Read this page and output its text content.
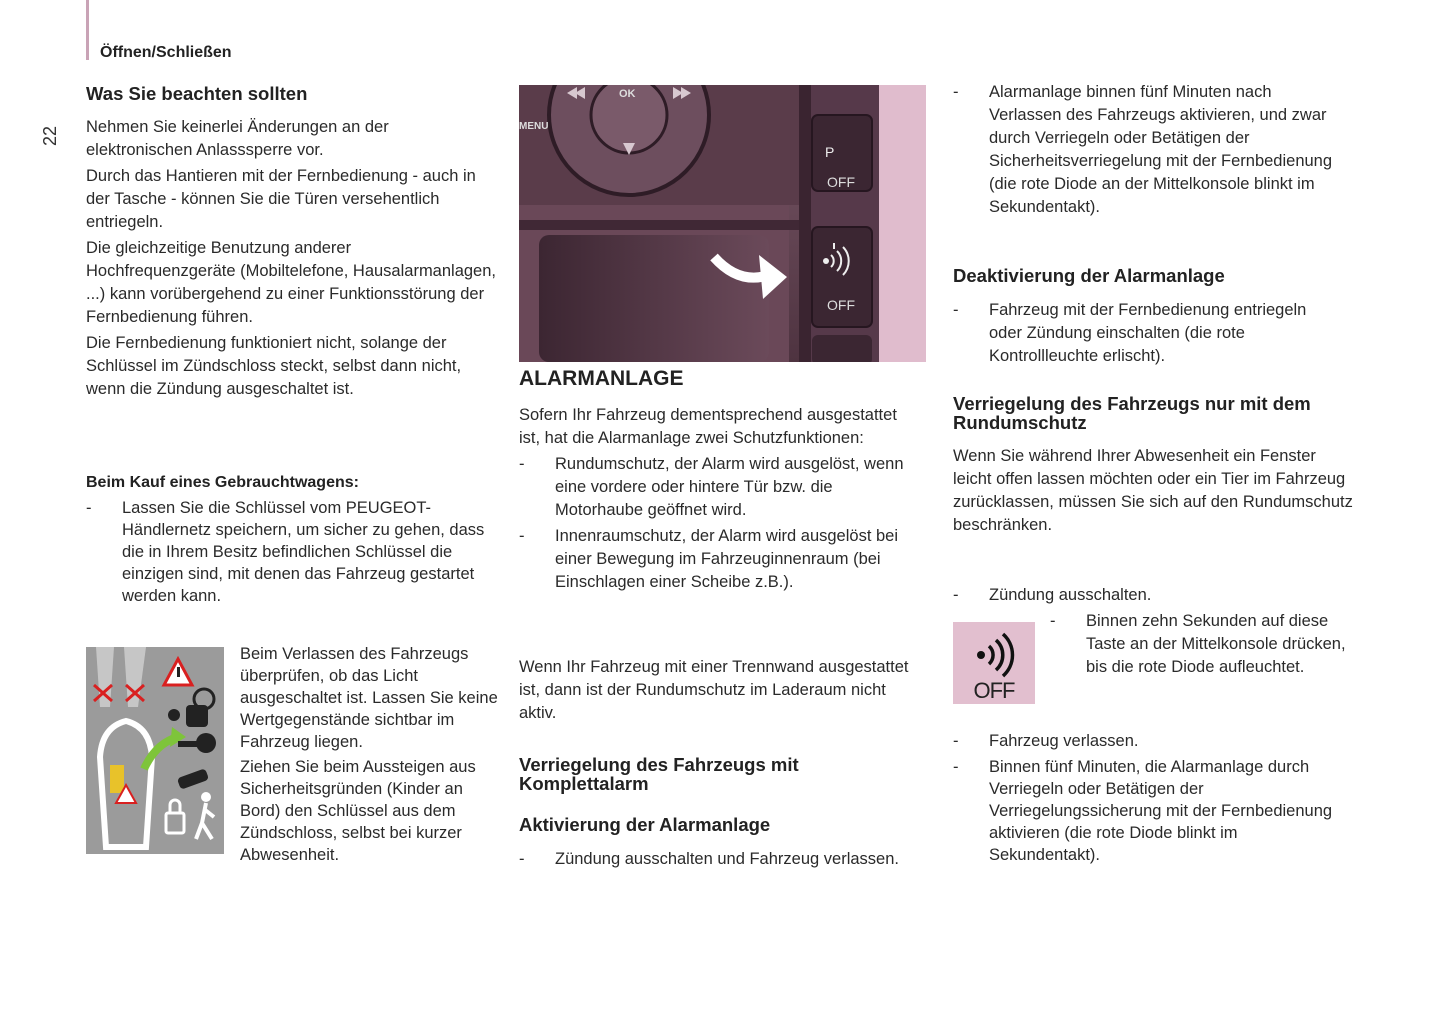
Öffnen/Schließen
22
Was Sie beachten sollten

Nehmen Sie keinerlei Änderungen an der elektronischen Anlasssperre vor.

Durch das Hantieren mit der Fernbedienung - auch in der Tasche - können Sie die Türen versehentlich entriegeln.

Die gleichzeitige Benutzung anderer Hochfrequenzgeräte (Mobiltelefone, Hausalarmanlagen, ...) kann vorübergehend zu einer Funktionsstörung der Fernbedienung führen.

Die Fernbedienung funktioniert nicht, solange der Schlüssel im Zündschloss steckt, selbst dann nicht, wenn die Zündung ausgeschaltet ist.

Beim Kauf eines Gebrauchtwagens:

- Lassen Sie die Schlüssel vom PEUGEOT-Händlernetz speichern, um sicher zu gehen, dass die in Ihrem Besitz befindlichen Schlüssel die einzigen sind, mit denen das Fahrzeug gestartet werden kann.

Beim Verlassen des Fahrzeugs überprüfen, ob das Licht ausgeschaltet ist. Lassen Sie keine Wertgegenstände sichtbar im Fahrzeug liegen.

Ziehen Sie beim Aussteigen aus Sicherheitsgründen (Kinder an Bord) den Schlüssel aus dem Zündschloss, selbst bei kurzer Abwesenheit.

P
OK
MENU
OFF
OFF
ALARMANLAGE

Sofern Ihr Fahrzeug dementsprechend ausgestattet ist, hat die Alarmanlage zwei Schutzfunktionen:

- Rundumschutz, der Alarm wird ausgelöst, wenn eine vordere oder hintere Tür bzw. die Motorhaube geöffnet wird.

- Innenraumschutz, der Alarm wird ausgelöst bei einer Bewegung im Fahrzeuginnenraum (bei Einschlagen einer Scheibe z.B.).

Wenn Ihr Fahrzeug mit einer Trennwand ausgestattet ist, dann ist der Rundumschutz im Laderaum nicht aktiv.

Verriegelung des Fahrzeugs mit Komplettalarm
Aktivierung der Alarmanlage

- Zündung ausschalten und Fahrzeug verlassen.

- Alarmanlage binnen fünf Minuten nach Verlassen des Fahrzeugs aktivieren, und zwar durch Verriegeln oder Betätigen der Sicherheitsverriegelung mit der Fernbedienung (die rote Diode an der Mittelkonsole blinkt im Sekundentakt).

Deaktivierung der Alarmanlage

- Fahrzeug mit der Fernbedienung entriegeln oder Zündung einschalten (die rote Kontrollleuchte erlischt).

Verriegelung des Fahrzeugs nur mit dem Rundumschutz

Wenn Sie während Ihrer Abwesenheit ein Fenster leicht offen lassen möchten oder ein Tier im Fahrzeug zurücklassen, müssen Sie sich auf den Rundumschutz beschränken.

- Zündung ausschalten.

OFF

- Binnen zehn Sekunden auf diese Taste an der Mittelkonsole drücken, bis die rote Diode aufleuchtet.

- Fahrzeug verlassen.

- Binnen fünf Minuten, die Alarmanlage durch Verriegeln oder Betätigen der Verriegelungssicherung mit der Fernbedienung aktivieren (die rote Diode blinkt im Sekundentakt).
